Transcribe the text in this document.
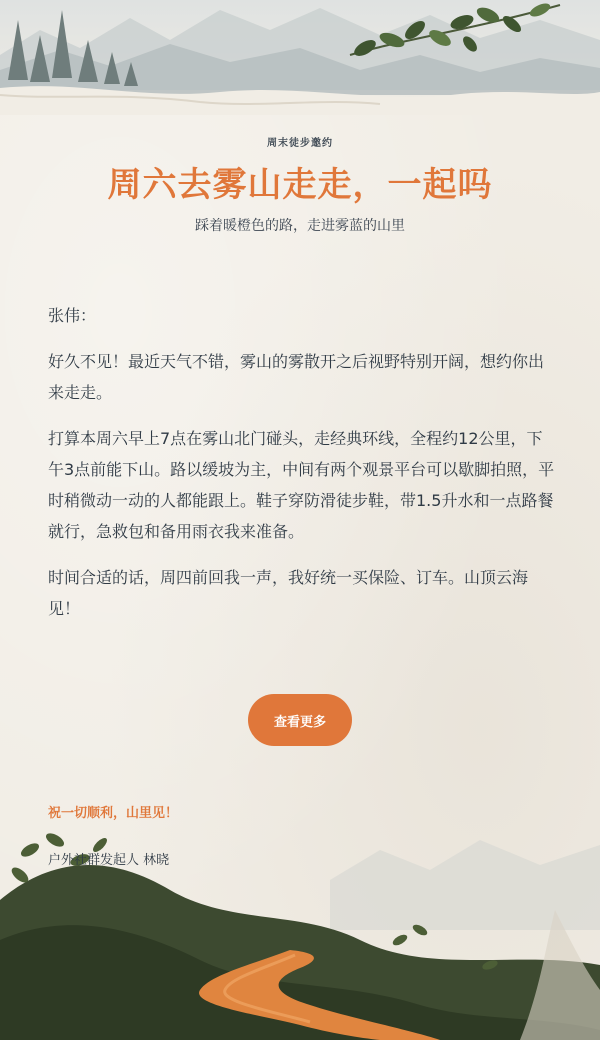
周末徒步邀约
周六去雾山走走，一起吗
踩着暖橙色的路，走进雾蓝的山里

张伟：

好久不见！最近天气不错，雾山的雾散开之后视野特别开阔，想约你出来走走。

打算本周六早上7点在雾山北门碰头，走经典环线，全程约12公里，下午3点前能下山。路以缓坡为主，中间有两个观景平台可以歇脚拍照，平时稍微动一动的人都能跟上。鞋子穿防滑徒步鞋，带1.5升水和一点路餐就行，急救包和备用雨衣我来准备。

时间合适的话，周四前回我一声，我好统一买保险、订车。山顶云海见！

查看更多
祝一切顺利，山里见！
户外社群发起人 林晓
